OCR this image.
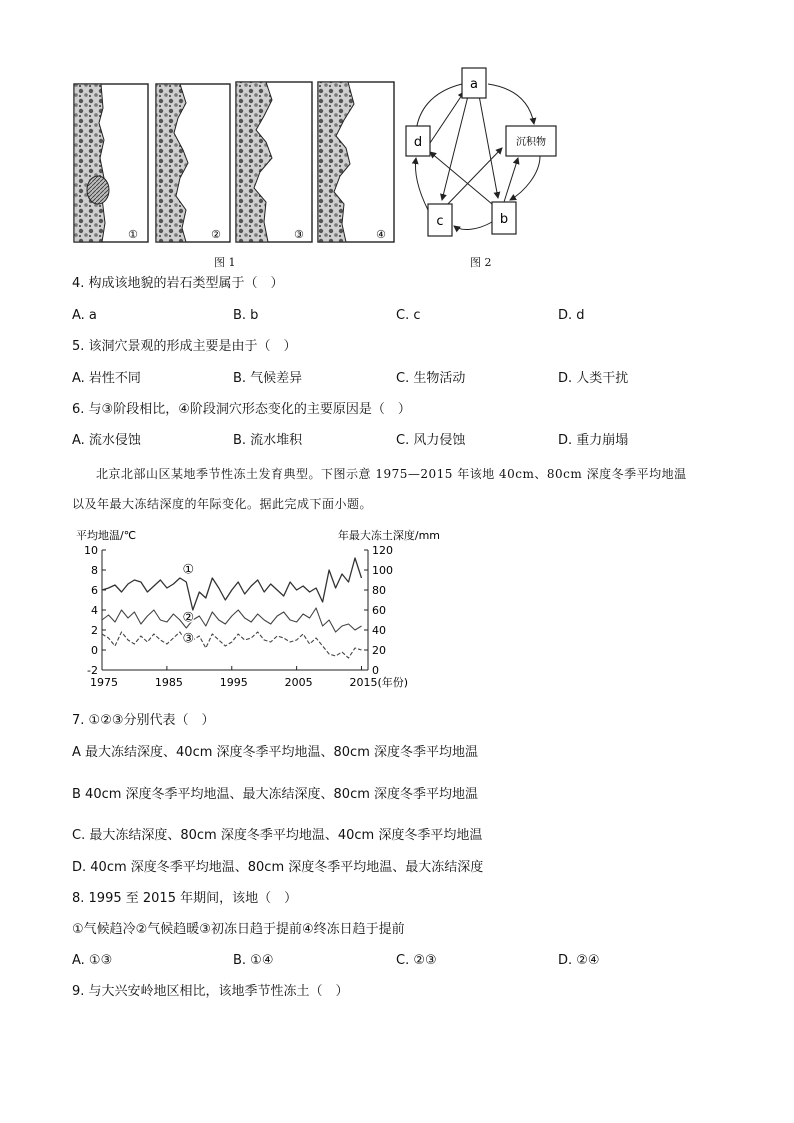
①	②	③	④
图 1
a
d	沉积物
c	b
图 2
4. 构成该地貌的岩石类型属于（　）
A. a	B. b	C. c	D. d
5. 该洞穴景观的形成主要是由于（　）
A. 岩性不同	B. 气候差异	C. 生物活动	D. 人类干扰
6. 与③阶段相比，④阶段洞穴形态变化的主要原因是（　）
A. 流水侵蚀	B. 流水堆积	C. 风力侵蚀	D. 重力崩塌
北京北部山区某地季节性冻土发育典型。下图示意 1975—2015 年该地 40cm、80cm 深度冬季平均地温
以及年最大冻结深度的年际变化。据此完成下面小题。
平均地温/℃	年最大冻土深度/mm
-2
0
2
4
6
8
10
0
20
40
60
80
100
120
1975	1985	1995	2005	2015(年份)
①
②
③
7. ①②③分别代表（　）
A 最大冻结深度、40cm 深度冬季平均地温、80cm 深度冬季平均地温
B 40cm 深度冬季平均地温、最大冻结深度、80cm 深度冬季平均地温
C. 最大冻结深度、80cm 深度冬季平均地温、40cm 深度冬季平均地温
D. 40cm 深度冬季平均地温、80cm 深度冬季平均地温、最大冻结深度
8. 1995 至 2015 年期间，该地（　）
①气候趋冷②气候趋暖③初冻日趋于提前④终冻日趋于提前
A. ①③	B. ①④	C. ②③	D. ②④
9. 与大兴安岭地区相比，该地季节性冻土（　）
